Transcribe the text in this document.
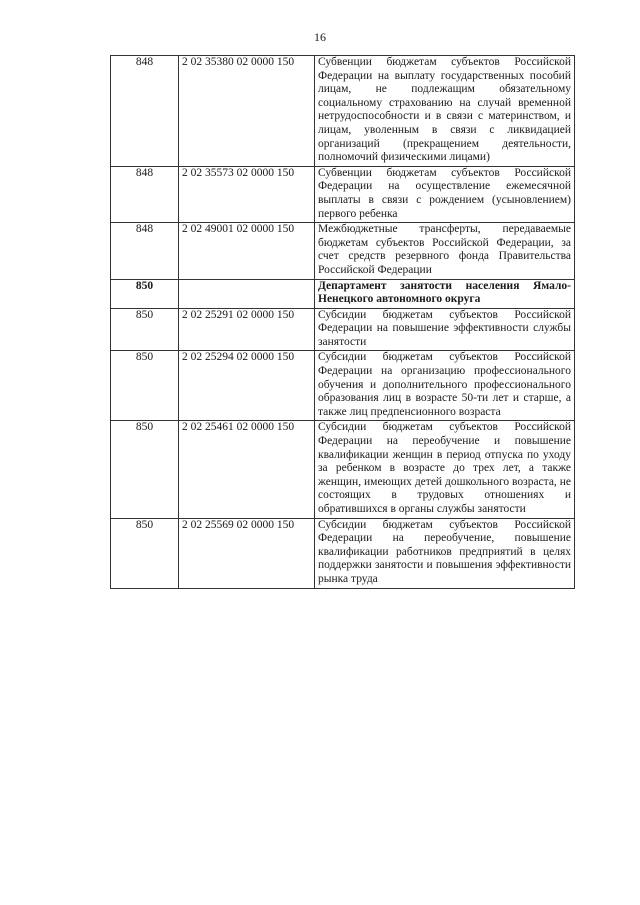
16
848	2 02 35380 02 0000 150	Субвенции бюджетам субъектов Российской Федерации на выплату государственных пособий лицам, не подлежащим обязательному социальному страхованию на случай временной нетрудоспособности и в связи с материнством, и лицам, уволенным в связи с ликвидацией организаций (прекращением деятельности, полномочий физическими лицами)
848	2 02 35573 02 0000 150	Субвенции бюджетам субъектов Российской Федерации на осуществление ежемесячной выплаты в связи с рождением (усыновлением) первого ребенка
848	2 02 49001 02 0000 150	Межбюджетные трансферты, передаваемые бюджетам субъектов Российской Федерации, за счет средств резервного фонда Правительства Российской Федерации
850		Департамент занятости населения Ямало-Ненецкого автономного округа
850	2 02 25291 02 0000 150	Субсидии бюджетам субъектов Российской Федерации на повышение эффективности службы занятости
850	2 02 25294 02 0000 150	Субсидии бюджетам субъектов Российской Федерации на организацию профессионального обучения и дополнительного профессионального образования лиц в возрасте 50-ти лет и старше, а также лиц предпенсионного возраста
850	2 02 25461 02 0000 150	Субсидии бюджетам субъектов Российской Федерации на переобучение и повышение квалификации женщин в период отпуска по уходу за ребенком в возрасте до трех лет, а также женщин, имеющих детей дошкольного возраста, не состоящих в трудовых отношениях и обратившихся в органы службы занятости
850	2 02 25569 02 0000 150	Субсидии бюджетам субъектов Российской Федерации на переобучение, повышение квалификации работников предприятий в целях поддержки занятости и повышения эффективности рынка труда
